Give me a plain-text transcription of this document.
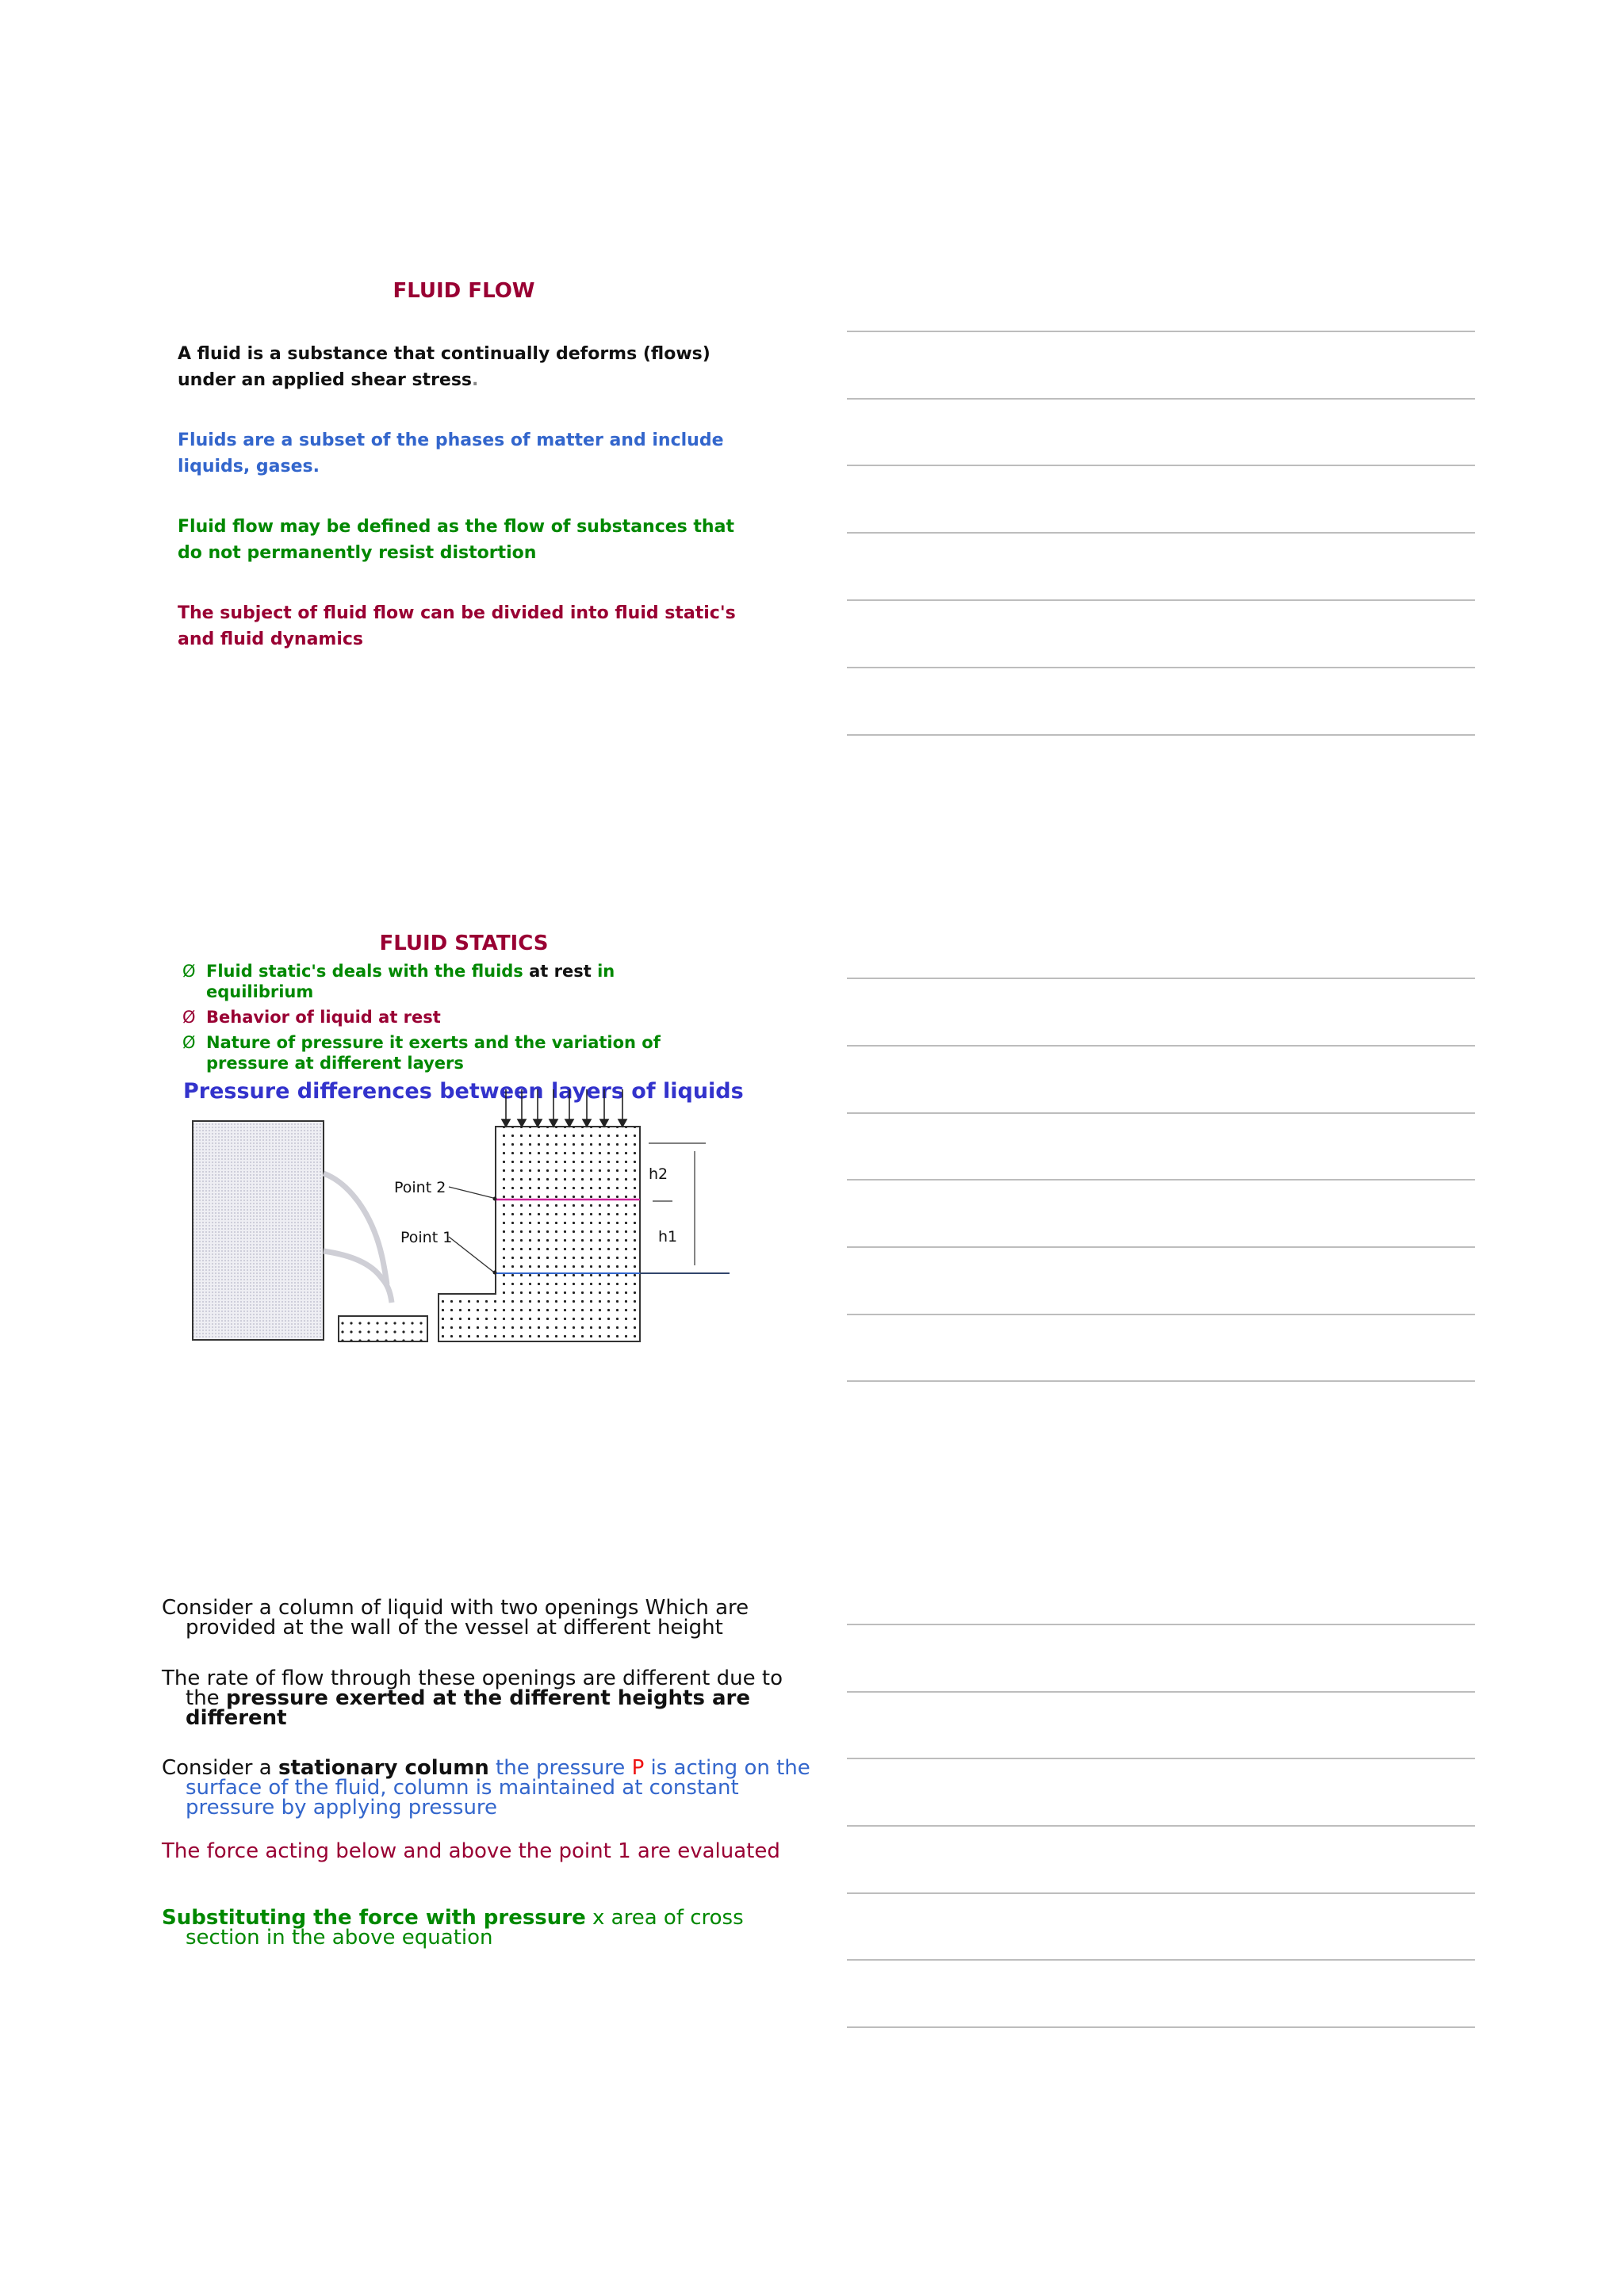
FLUID FLOW
A fluid is a substance that continually deforms (flows) under an applied shear stress.
Fluids are a subset of the phases of matter and include liquids, gases.
Fluid flow may be defined as the flow of substances that do not permanently resist distortion
The subject of fluid flow can be divided into fluid static's and fluid dynamics
FLUID STATICS
Ø Fluid static's deals with the fluids at rest in equilibrium
Ø Behavior of liquid at rest
Ø Nature of pressure it exerts and the variation of pressure at different layers
Pressure differences between layers of liquids
Point 2
Point 1
h2
h1
Consider a column of liquid with two openings Which are provided at the wall of the vessel at different height
The rate of flow through these openings are different due to the pressure exerted at the different heights are different
Consider a stationary column the pressure P is acting on the surface of the fluid, column is maintained at constant pressure by applying pressure
The force acting below and above the point 1 are evaluated
Substituting the force with pressure x area of cross section in the above equation
